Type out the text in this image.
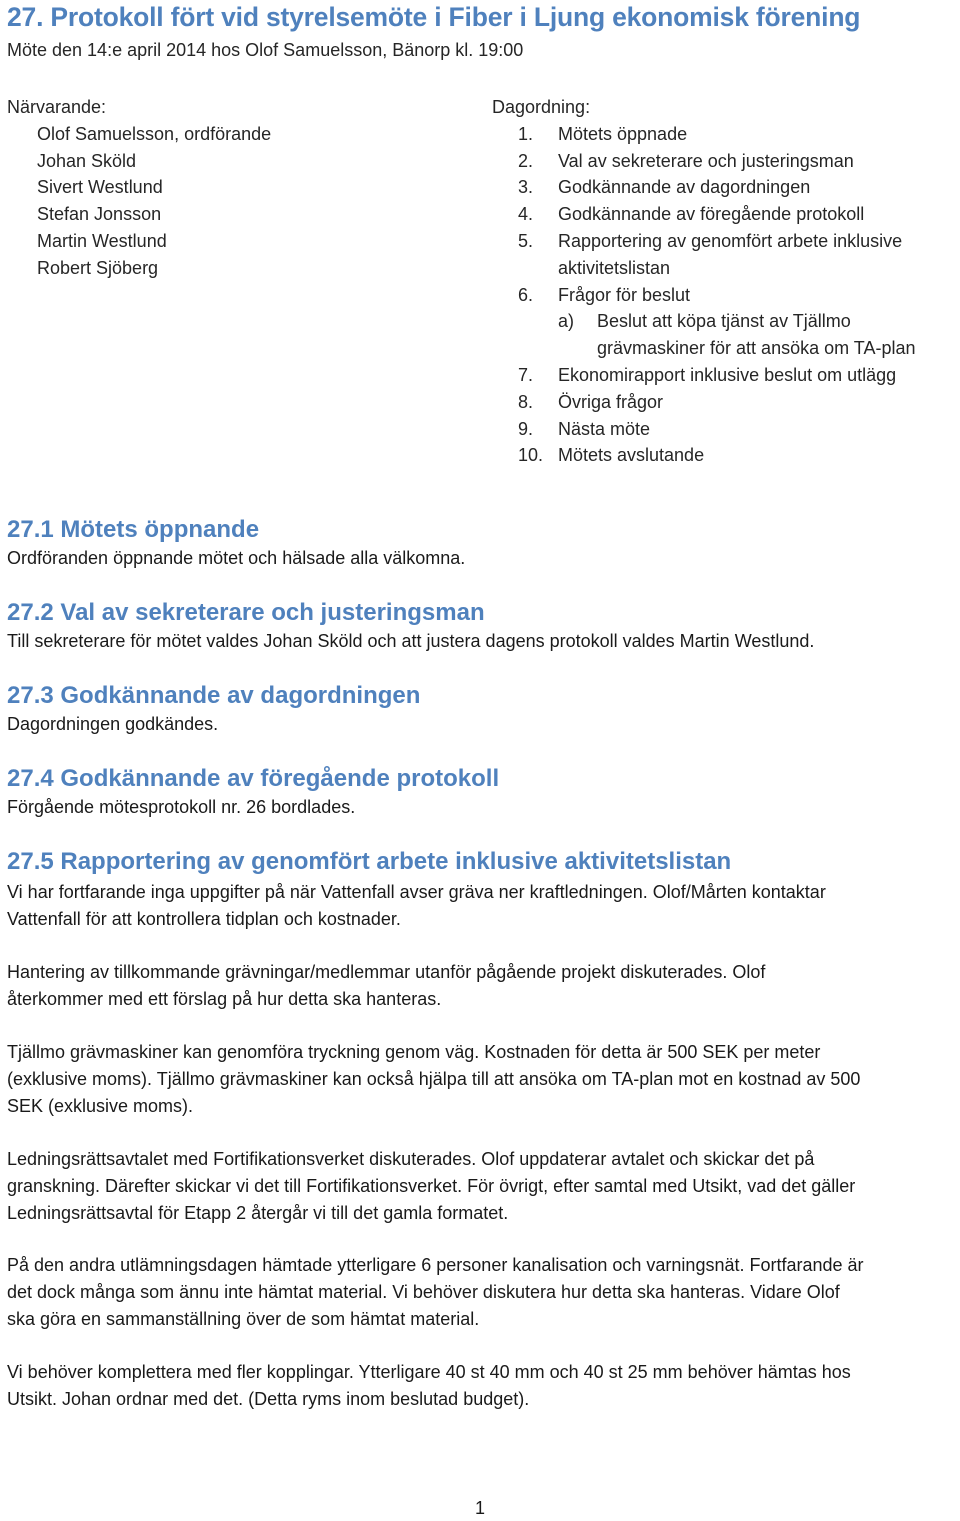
27. Protokoll fört vid styrelsemöte i Fiber i Ljung ekonomisk förening
Möte den 14:e april 2014 hos Olof Samuelsson, Bänorp kl. 19:00
Närvarande:
Olof Samuelsson, ordförande
Johan Sköld
Sivert Westlund
Stefan Jonsson
Martin Westlund
Robert Sjöberg
Dagordning:
1. Mötets öppnade
2. Val av sekreterare och justeringsman
3. Godkännande av dagordningen
4. Godkännande av föregående protokoll
5. Rapportering av genomfört arbete inklusive
aktivitetslistan
6. Frågor för beslut
a) Beslut att köpa tjänst av Tjällmo
grävmaskiner för att ansöka om TA-plan
7. Ekonomirapport inklusive beslut om utlägg
8. Övriga frågor
9. Nästa möte
10. Mötets avslutande
27.1 Mötets öppnande

Ordföranden öppnande mötet och hälsade alla välkomna.

27.2 Val av sekreterare och justeringsman

Till sekreterare för mötet valdes Johan Sköld och att justera dagens protokoll valdes Martin Westlund.

27.3 Godkännande av dagordningen

Dagordningen godkändes.

27.4 Godkännande av föregående protokoll

Förgående mötesprotokoll nr. 26 bordlades.

27.5 Rapportering av genomfört arbete inklusive aktivitetslistan
Vi har fortfarande inga uppgifter på när Vattenfall avser gräva ner kraftledningen. Olof/Mårten kontaktar
Vattenfall för att kontrollera tidplan och kostnader.
Hantering av tillkommande grävningar/medlemmar utanför pågående projekt diskuterades. Olof
återkommer med ett förslag på hur detta ska hanteras.
Tjällmo grävmaskiner kan genomföra tryckning genom väg. Kostnaden för detta är 500 SEK per meter
(exklusive moms). Tjällmo grävmaskiner kan också hjälpa till att ansöka om TA-plan mot en kostnad av 500
SEK (exklusive moms).
Ledningsrättsavtalet med Fortifikationsverket diskuterades. Olof uppdaterar avtalet och skickar det på
granskning. Därefter skickar vi det till Fortifikationsverket. För övrigt, efter samtal med Utsikt, vad det gäller
Ledningsrättsavtal för Etapp 2 återgår vi till det gamla formatet.
På den andra utlämningsdagen hämtade ytterligare 6 personer kanalisation och varningsnät. Fortfarande är
det dock många som ännu inte hämtat material. Vi behöver diskutera hur detta ska hanteras. Vidare Olof
ska göra en sammanställning över de som hämtat material.
Vi behöver komplettera med fler kopplingar. Ytterligare 40 st 40 mm och 40 st 25 mm behöver hämtas hos
Utsikt. Johan ordnar med det. (Detta ryms inom beslutad budget).
1
